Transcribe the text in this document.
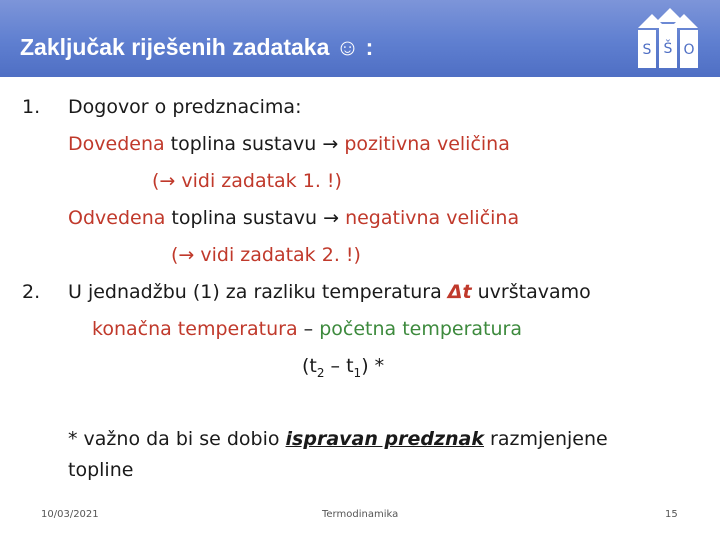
Zaključak riješenih zadataka ☺ :	S Š O
1. Dogovor o predznacima:
Dovedena toplina sustavu → pozitivna veličina
(→ vidi zadatak 1. !)
Odvedena toplina sustavu → negativna veličina
(→ vidi zadatak 2. !)
2. U jednadžbu (1) za razliku temperatura Δt uvrštavamo
konačna temperatura – početna temperatura
$(t_2 - t_1)$ *
* važno da bi se dobio ispravan predznak razmjenjene
topline
10/03/2021	Termodinamika	15
